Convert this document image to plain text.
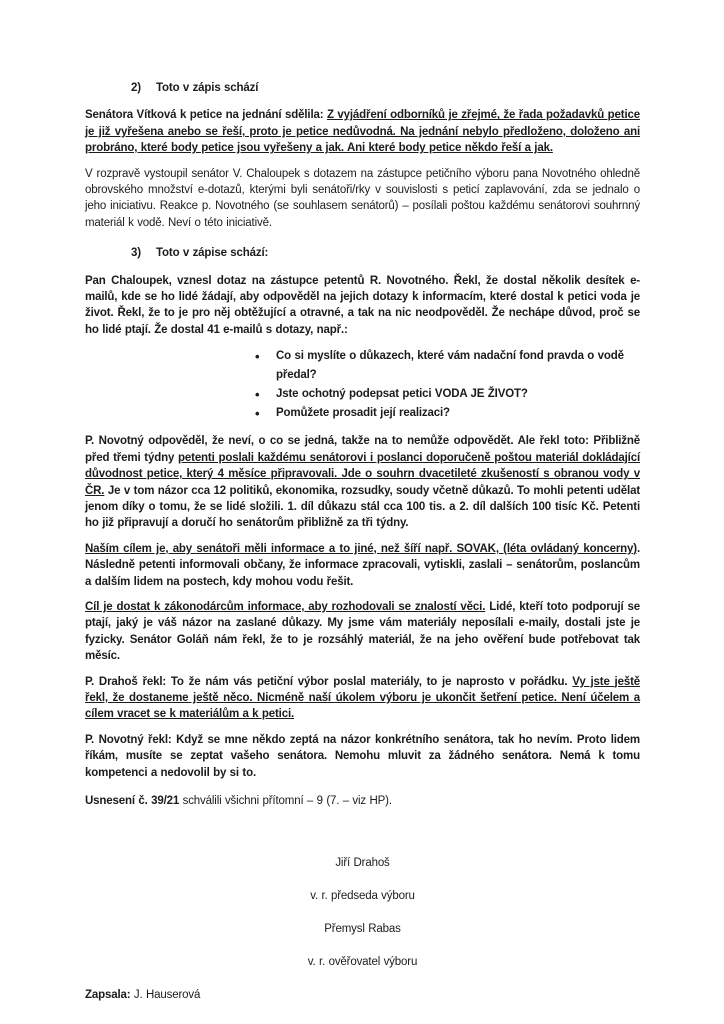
2) Toto v zápis schází

Senátora Vítková k petice na jednání sdělila: Z vyjádření odborníků je zřejmé, že řada požadavků petice je již vyřešena anebo se řeší, proto je petice nedůvodná. Na jednání nebylo předloženo, doloženo ani probráno, které body petice jsou vyřešeny a jak. Ani které body petice někdo řeší a jak.

V rozpravě vystoupil senátor V. Chaloupek s dotazem na zástupce petičního výboru pana Novotného ohledně obrovského množství e-dotazů, kterými byli senátoři/rky v souvislosti s peticí zaplavování, zda se jednalo o jeho iniciativu. Reakce p. Novotného (se souhlasem senátorů) – posílali poštou každému senátorovi souhrnný materiál k vodě. Neví o této iniciativě.

3) Toto v zápise schází:

Pan Chaloupek, vznesl dotaz na zástupce petentů R. Novotného. Řekl, že dostal několik desítek e-mailů, kde se ho lidé žádají, aby odpověděl na jejich dotazy k informacím, které dostal k petici voda je život. Řekl, že to je pro něj obtěžující a otravné, a tak na nic neodpověděl. Že nechápe důvod, proč se ho lidé ptají. Že dostal 41 e-mailů s dotazy, např.:

• Co si myslíte o důkazech, které vám nadační fond pravda o vodě předal?
• Jste ochotný podepsat petici VODA JE ŽIVOT?
• Pomůžete prosadit její realizaci?

P. Novotný odpověděl, že neví, o co se jedná, takže na to nemůže odpovědět. Ale řekl toto: Přibližně před třemi týdny petenti poslali každému senátorovi i poslanci doporučeně poštou materiál dokládající důvodnost petice, který 4 měsíce připravovali. Jde o souhrn dvacetileté zkušeností s obranou vody v ČR. Je v tom názor cca 12 politiků, ekonomika, rozsudky, soudy včetně důkazů. To mohli petenti udělat jenom díky o tomu, že se lidé složili. 1. díl důkazu stál cca 100 tis. a 2. díl dalších 100 tisíc Kč. Petenti ho již připravují a doručí ho senátorům přibližně za tři týdny.

Naším cílem je, aby senátoři měli informace a to jiné, než šíří např. SOVAK, (léta ovládaný koncerny). Následně petenti informovali občany, že informace zpracovali, vytiskli, zaslali – senátorům, poslancům a dalším lidem na postech, kdy mohou vodu řešit.

Cíl je dostat k zákonodárcům informace, aby rozhodovali se znalostí věci. Lidé, kteří toto podporují se ptají, jaký je váš názor na zaslané důkazy. My jsme vám materiály neposílali e-maily, dostali jste je fyzicky. Senátor Goláň nám řekl, že to je rozsáhlý materiál, že na jeho ověření bude potřebovat tak měsíc.

P. Drahoš řekl: To že nám vás petiční výbor poslal materiály, to je naprosto v pořádku. Vy jste ještě řekl, že dostaneme ještě něco. Nicméně naší úkolem výboru je ukončit šetření petice. Není účelem a cílem vracet se k materiálům a k petici.

P. Novotný řekl: Když se mne někdo zeptá na názor konkrétního senátora, tak ho nevím. Proto lidem říkám, musíte se zeptat vašeho senátora. Nemohu mluvit za žádného senátora. Nemá k tomu kompetenci a nedovolil by si to.

Usnesení č. 39/21 schválili všichni přítomní – 9 (7. – viz HP).

Jiří Drahoš
v. r. předseda výboru
Přemysl Rabas
v. r. ověřovatel výboru
Zapsala: J. Hauserová
